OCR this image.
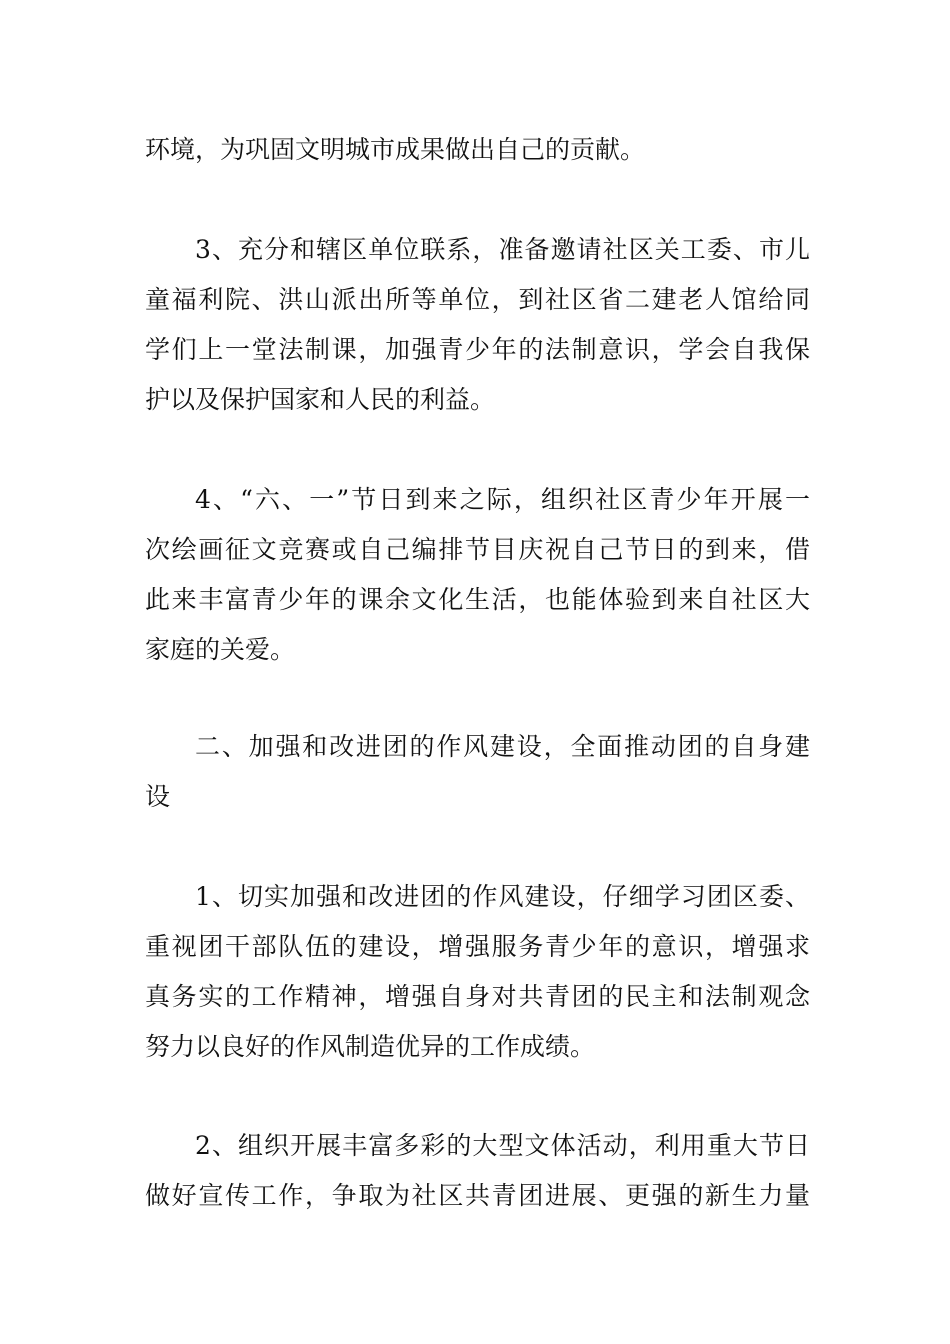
环境，为巩固文明城市成果做出自己的贡献。

3、充分和辖区单位联系，准备邀请社区关工委、市儿
童福利院、洪山派出所等单位，到社区省二建老人馆给同
学们上一堂法制课，加强青少年的法制意识，学会自我保
护以及保护国家和人民的利益。

4、“六、一”节日到来之际，组织社区青少年开展一
次绘画征文竞赛或自己编排节目庆祝自己节日的到来，借
此来丰富青少年的课余文化生活，也能体验到来自社区大
家庭的关爱。

二、加强和改进团的作风建设，全面推动团的自身建
设

1、切实加强和改进团的作风建设，仔细学习团区委、
重视团干部队伍的建设，增强服务青少年的意识，增强求
真务实的工作精神，增强自身对共青团的民主和法制观念
努力以良好的作风制造优异的工作成绩。

2、组织开展丰富多彩的大型文体活动，利用重大节日
做好宣传工作，争取为社区共青团进展、更强的新生力量
